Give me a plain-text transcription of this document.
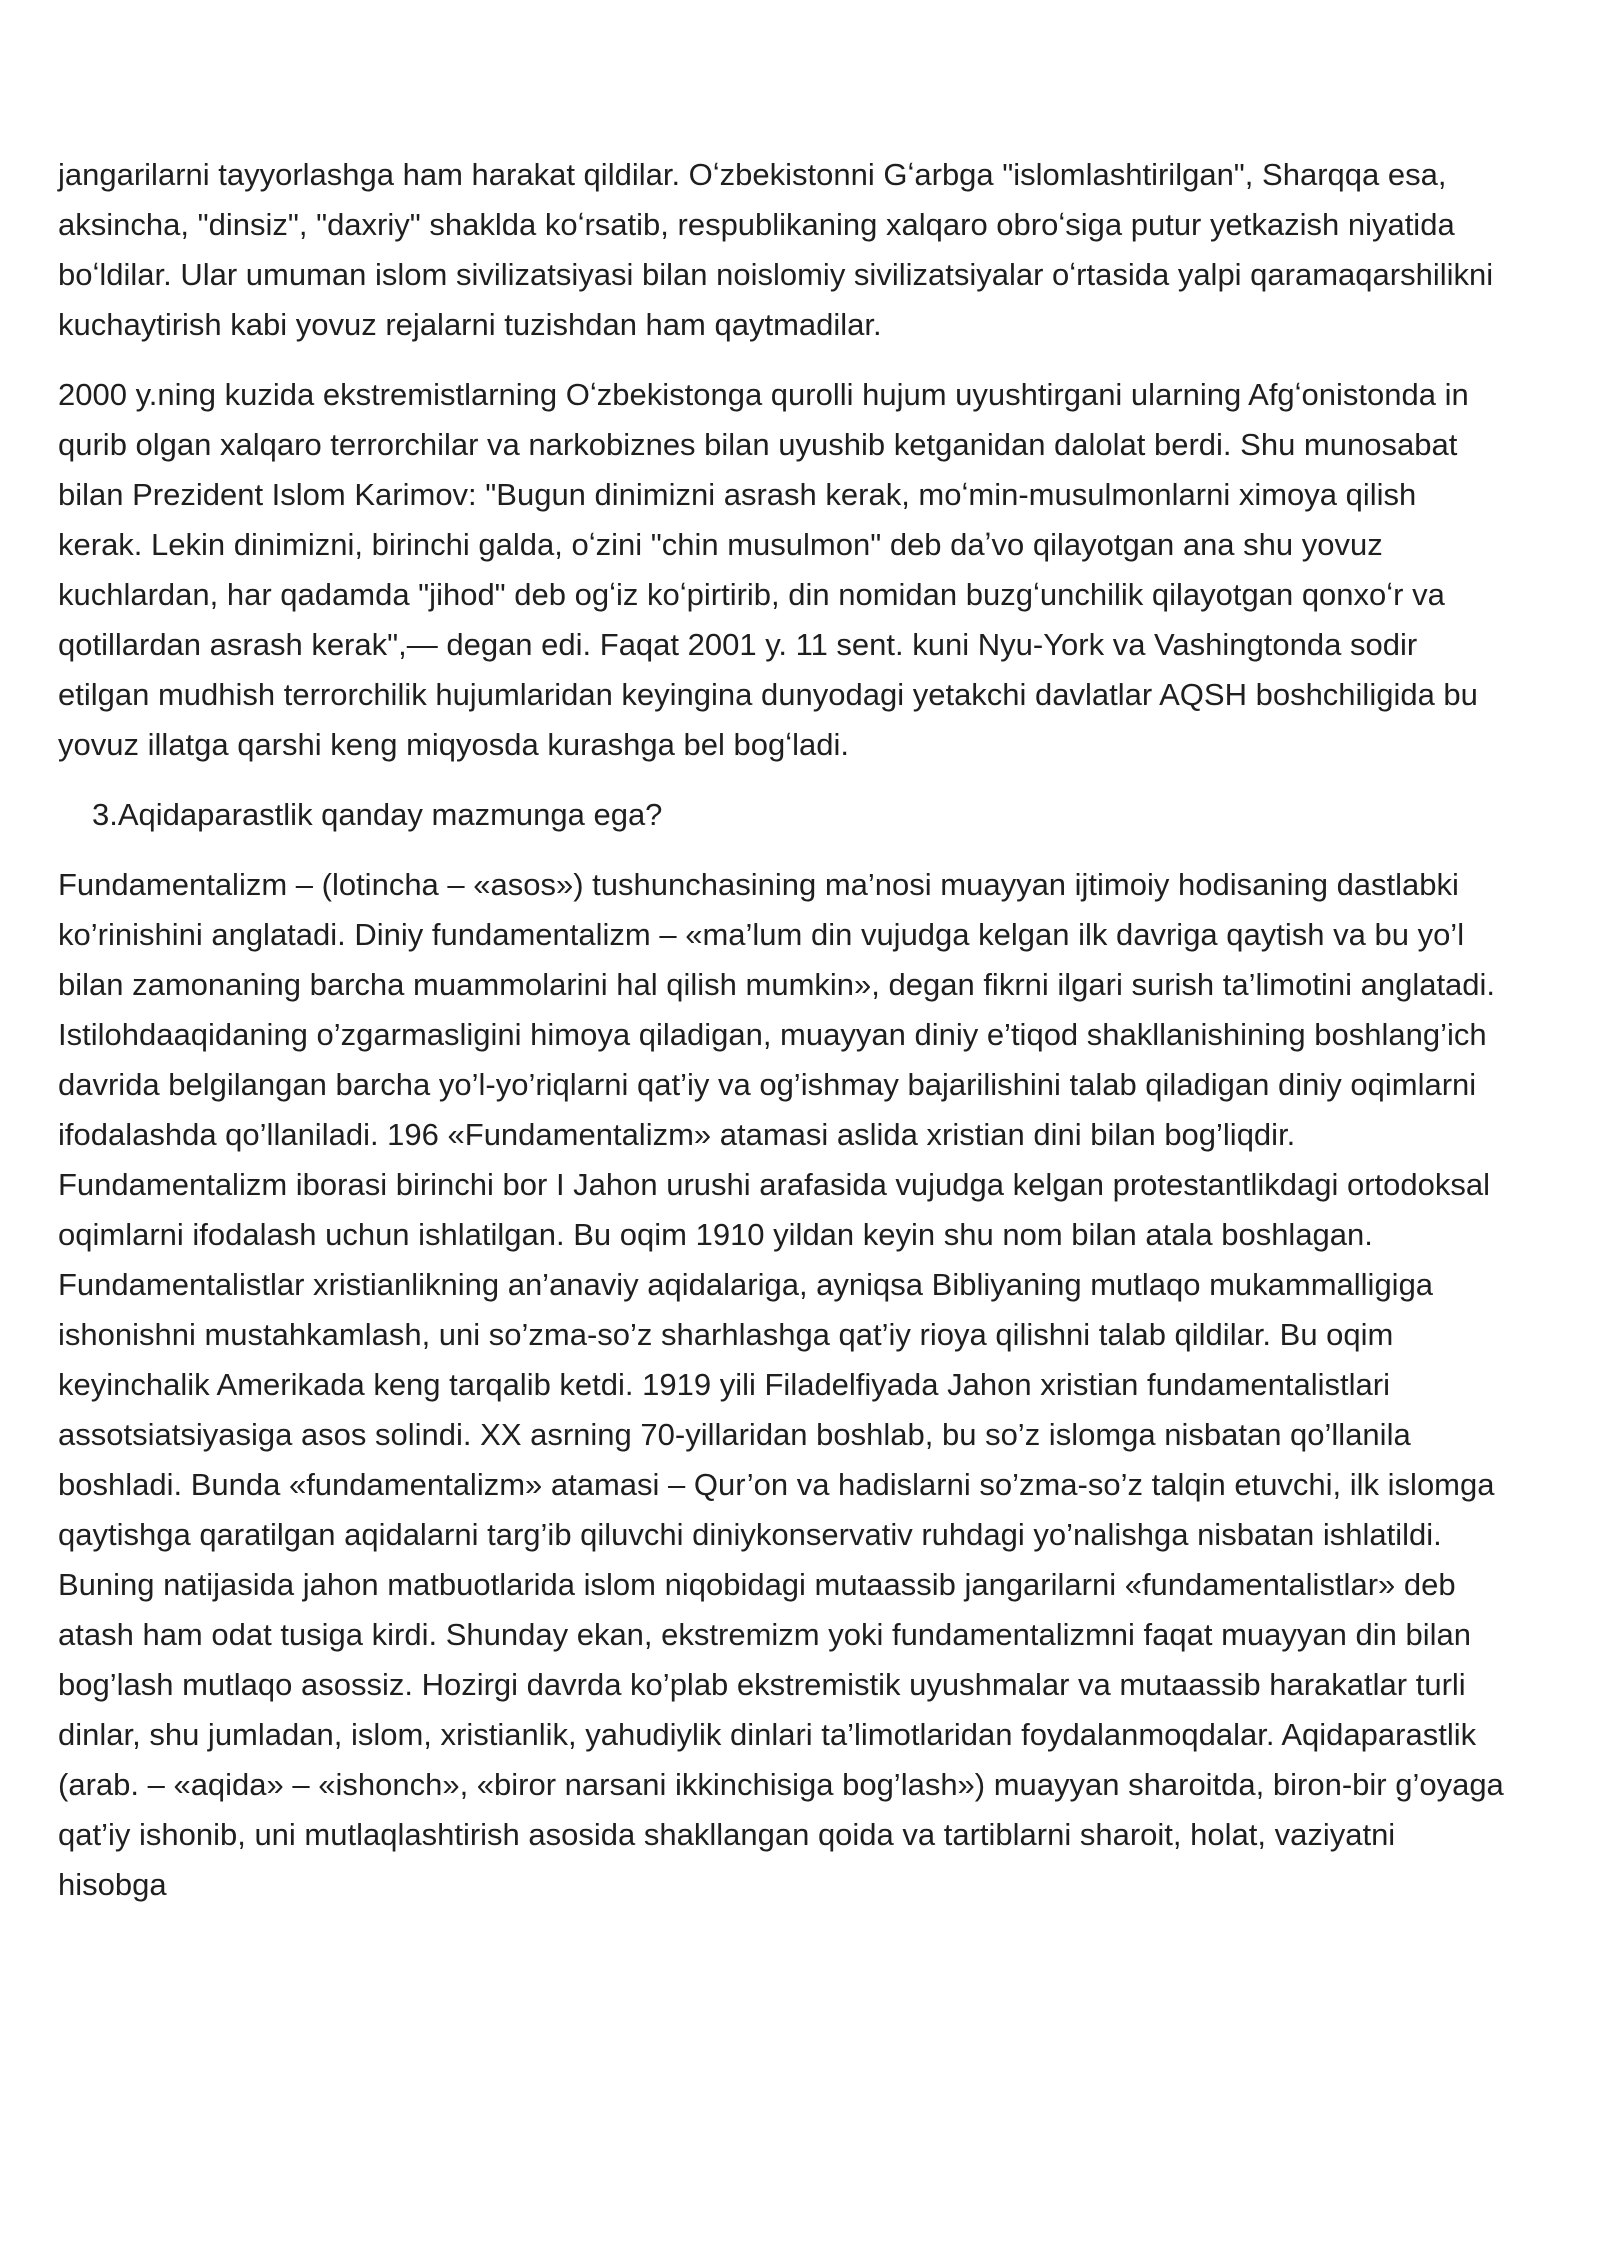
jangarilarni tayyorlashga ham harakat qildilar. Oʻzbekistonni Gʻarbga "islomlashtirilgan", Sharqqa esa, aksincha, "dinsiz", "daxriy" shaklda koʻrsatib, respublikaning xalqaro obroʻsiga putur yetkazish niyatida boʻldilar. Ular umuman islom sivilizatsiyasi bilan noislomiy sivilizatsiyalar oʻrtasida yalpi qaramaqarshilikni kuchaytirish kabi yovuz rejalarni tuzishdan ham qaytmadilar.

2000 y.ning kuzida ekstremistlarning Oʻzbekistonga qurolli hujum uyushtirgani ularning Afgʻonistonda in qurib olgan xalqaro terrorchilar va narkobiznes bilan uyushib ketganidan dalolat berdi. Shu munosabat bilan Prezident Islom Karimov: "Bugun dinimizni asrash kerak, moʻmin-musulmonlarni ximoya qilish kerak. Lekin dinimizni, birinchi galda, oʻzini "chin musulmon" deb daʼvo qilayotgan ana shu yovuz kuchlardan, har qadamda "jihod" deb ogʻiz koʻpirtirib, din nomidan buzgʻunchilik qilayotgan qonxoʻr va qotillardan asrash kerak",— degan edi. Faqat 2001 y. 11 sent. kuni Nyu-York va Vashingtonda sodir etilgan mudhish terrorchilik hujumlaridan keyingina dunyodagi yetakchi davlatlar AQSH boshchiligida bu yovuz illatga qarshi keng miqyosda kurashga bel bogʻladi.

3.Aqidaparastlik qanday mazmunga ega?

Fundamentalizm – (lotincha – «asos») tushunchasining ma’nosi muayyan ijtimoiy hodisaning dastlabki ko’rinishini anglatadi. Diniy fundamentalizm – «ma’lum din vujudga kelgan ilk davriga qaytish va bu yo’l bilan zamonaning barcha muammolarini hal qilish mumkin», degan fikrni ilgari surish ta’limotini anglatadi. Istilohdaaqidaning o’zgarmasligini himoya qiladigan, muayyan diniy e’tiqod shakllanishining boshlang’ich davrida belgilangan barcha yo’l-yo’riqlarni qat’iy va og’ishmay bajarilishini talab qiladigan diniy oqimlarni ifodalashda qo’llaniladi. 196 «Fundamentalizm» atamasi aslida xristian dini bilan bog’liqdir. Fundamentalizm iborasi birinchi bor I Jahon urushi arafasida vujudga kelgan protestantlikdagi ortodoksal oqimlarni ifodalash uchun ishlatilgan. Bu oqim 1910 yildan keyin shu nom bilan atala boshlagan. Fundamentalistlar xristianlikning an’anaviy aqidalariga, ayniqsa Bibliyaning mutlaqo mukammalligiga ishonishni mustahkamlash, uni so’zma-so’z sharhlashga qat’iy rioya qilishni talab qildilar. Bu oqim keyinchalik Amerikada keng tarqalib ketdi. 1919 yili Filadelfiyada Jahon xristian fundamentalistlari assotsiatsiyasiga asos solindi. XX asrning 70-yillaridan boshlab, bu so’z islomga nisbatan qo’llanila boshladi. Bunda «fundamentalizm» atamasi – Qur’on va hadislarni so’zma-so’z talqin etuvchi, ilk islomga qaytishga qaratilgan aqidalarni targ’ib qiluvchi diniykonservativ ruhdagi yo’nalishga nisbatan ishlatildi. Buning natijasida jahon matbuotlarida islom niqobidagi mutaassib jangarilarni «fundamentalistlar» deb atash ham odat tusiga kirdi. Shunday ekan, ekstremizm yoki fundamentalizmni faqat muayyan din bilan bog’lash mutlaqo asossiz. Hozirgi davrda ko’plab ekstremistik uyushmalar va mutaassib harakatlar turli dinlar, shu jumladan, islom, xristianlik, yahudiylik dinlari ta’limotlaridan foydalanmoqdalar. Aqidaparastlik (arab. – «aqida» – «ishonch», «biror narsani ikkinchisiga bog’lash») muayyan sharoitda, biron-bir g’oyaga qat’iy ishonib, uni mutlaqlashtirish asosida shakllangan qoida va tartiblarni sharoit, holat, vaziyatni hisobga
